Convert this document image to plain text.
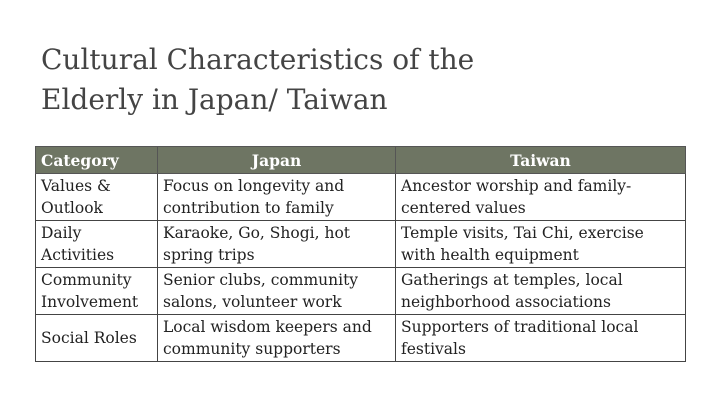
Cultural Characteristics of the
Elderly in Japan/ Taiwan
Category	Japan	Taiwan
Values & Outlook	Focus on longevity and contribution to family	Ancestor worship and family-centered values
Daily Activities	Karaoke, Go, Shogi, hot spring trips	Temple visits, Tai Chi, exercise with health equipment
Community Involvement	Senior clubs, community salons, volunteer work	Gatherings at temples, local neighborhood associations
Social Roles	Local wisdom keepers and community supporters	Supporters of traditional local festivals
